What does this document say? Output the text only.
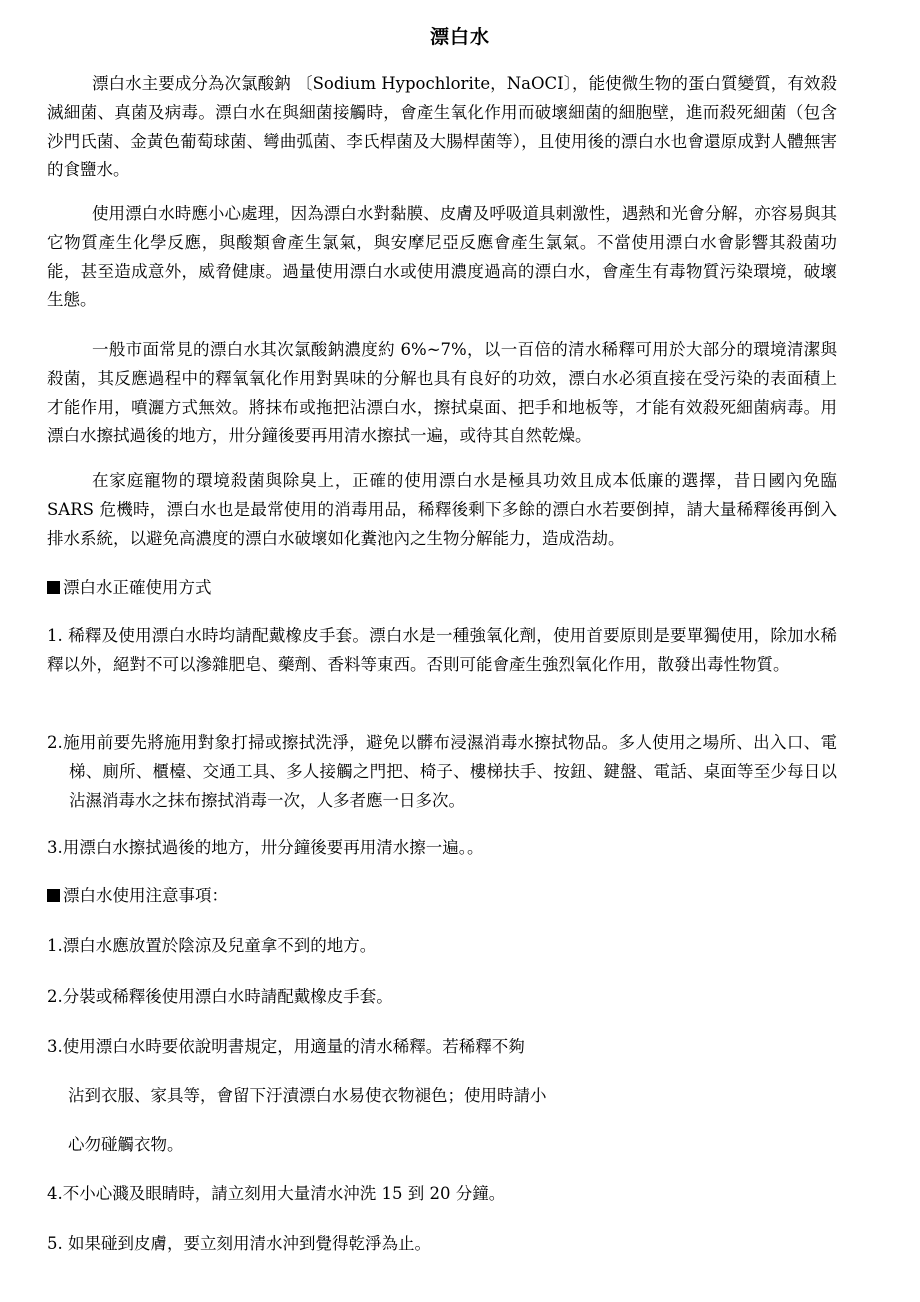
漂白水

漂白水主要成分為次氯酸鈉 〔Sodium Hypochlorite，NaOCI〕，能使微生物的蛋白質變質，有效殺滅細菌、真菌及病毒。漂白水在與細菌接觸時，會產生氧化作用而破壞細菌的細胞壁，進而殺死細菌（包含沙門氏菌、金黃色葡萄球菌、彎曲弧菌、李氏桿菌及大腸桿菌等），且使用後的漂白水也會還原成對人體無害的食鹽水。

使用漂白水時應小心處理，因為漂白水對黏膜、皮膚及呼吸道具刺激性，遇熱和光會分解，亦容易與其它物質產生化學反應，與酸類會產生氯氣，與安摩尼亞反應會產生氯氣。不當使用漂白水會影響其殺菌功能，甚至造成意外，威脅健康。過量使用漂白水或使用濃度過高的漂白水，會產生有毒物質污染環境，破壞生態。

一般市面常見的漂白水其次氯酸鈉濃度約 6%~7%，以一百倍的清水稀釋可用於大部分的環境清潔與殺菌，其反應過程中的釋氧氧化作用對異味的分解也具有良好的功效，漂白水必須直接在受污染的表面積上才能作用，噴灑方式無效。將抹布或拖把沾漂白水，擦拭桌面、把手和地板等，才能有效殺死細菌病毒。用漂白水擦拭過後的地方，卅分鐘後要再用清水擦拭一遍，或待其自然乾燥。

在家庭寵物的環境殺菌與除臭上，正確的使用漂白水是極具功效且成本低廉的選擇，昔日國內免臨 SARS 危機時，漂白水也是最常使用的消毒用品，稀釋後剩下多餘的漂白水若要倒掉，請大量稀釋後再倒入排水系統，以避免高濃度的漂白水破壞如化糞池內之生物分解能力，造成浩劫。

漂白水正確使用方式

1. 稀釋及使用漂白水時均請配戴橡皮手套。漂白水是一種強氧化劑，使用首要原則是要單獨使用，除加水稀釋以外，絕對不可以滲雜肥皂、藥劑、香料等東西。否則可能會產生強烈氧化作用，散發出毒性物質。

2.施用前要先將施用對象打掃或擦拭洗淨，避免以髒布浸濕消毒水擦拭物品。多人使用之場所、出入口、電梯、廁所、櫃檯、交通工具、多人接觸之門把、椅子、樓梯扶手、按鈕、鍵盤、電話、桌面等至少每日以沾濕消毒水之抹布擦拭消毒一次，人多者應一日多次。

3.用漂白水擦拭過後的地方，卅分鐘後要再用清水擦一遍。。
漂白水使用注意事項：
1.漂白水應放置於陰涼及兒童拿不到的地方。
2.分裝或稀釋後使用漂白水時請配戴橡皮手套。
3.使用漂白水時要依說明書規定，用適量的清水稀釋。若稀釋不夠
沾到衣服、家具等，會留下汙漬漂白水易使衣物褪色；使用時請小
心勿碰觸衣物。
4.不小心濺及眼睛時，請立刻用大量清水沖洗 15 到 20 分鐘。
5. 如果碰到皮膚，要立刻用清水沖到覺得乾淨為止。
